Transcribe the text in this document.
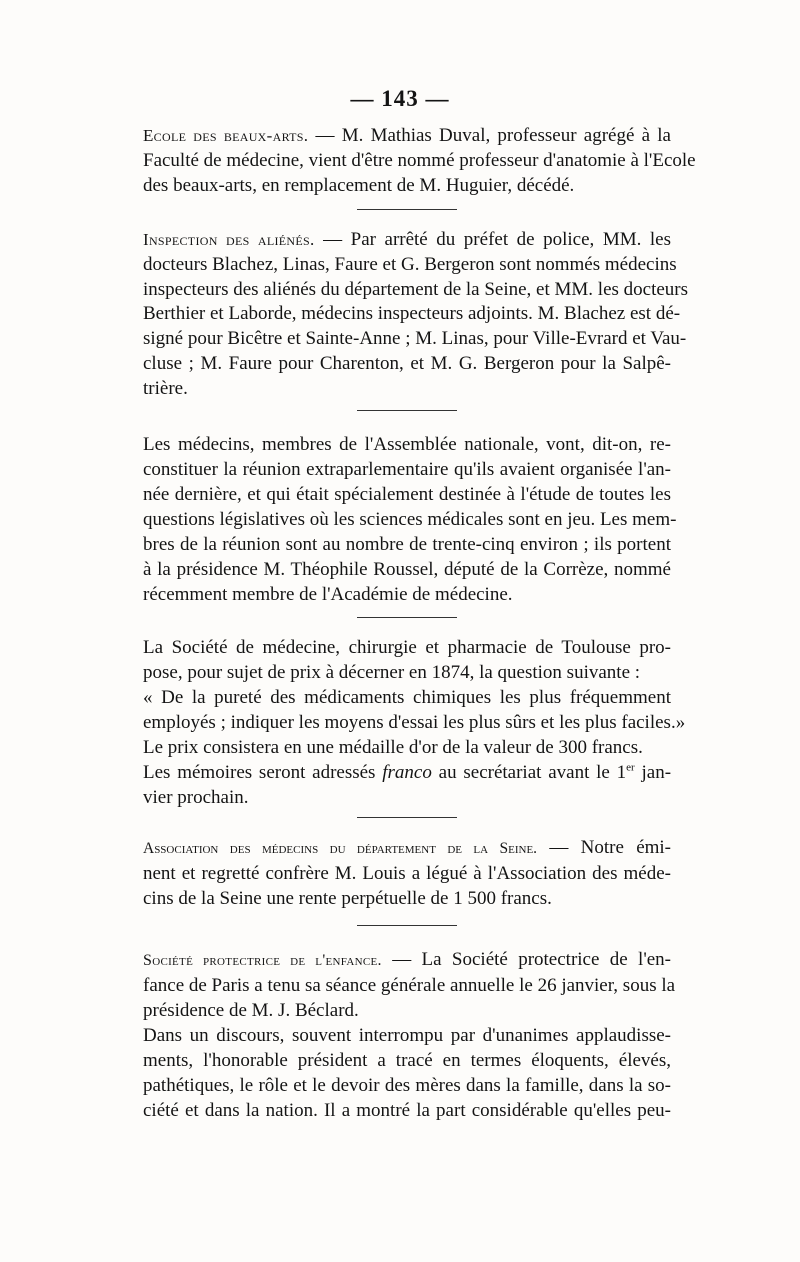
— 143 —
Ecole des beaux-arts. — M. Mathias Duval, professeur agrégé à la
Faculté de médecine, vient d'être nommé professeur d'anatomie à l'Ecole
des beaux-arts, en remplacement de M. Huguier, décédé.
Inspection des aliénés. — Par arrêté du préfet de police, MM. les
docteurs Blachez, Linas, Faure et G. Bergeron sont nommés médecins
inspecteurs des aliénés du département de la Seine, et MM. les docteurs
Berthier et Laborde, médecins inspecteurs adjoints. M. Blachez est dé-
signé pour Bicêtre et Sainte-Anne ; M. Linas, pour Ville-Evrard et Vau-
cluse ; M. Faure pour Charenton, et M. G. Bergeron pour la Salpê-
trière.
Les médecins, membres de l'Assemblée nationale, vont, dit-on, re-
constituer la réunion extraparlementaire qu'ils avaient organisée l'an-
née dernière, et qui était spécialement destinée à l'étude de toutes les
questions législatives où les sciences médicales sont en jeu. Les mem-
bres de la réunion sont au nombre de trente-cinq environ ; ils portent
à la présidence M. Théophile Roussel, député de la Corrèze, nommé
récemment membre de l'Académie de médecine.
La Société de médecine, chirurgie et pharmacie de Toulouse pro-
pose, pour sujet de prix à décerner en 1874, la question suivante :
« De la pureté des médicaments chimiques les plus fréquemment
employés ; indiquer les moyens d'essai les plus sûrs et les plus faciles.»
Le prix consistera en une médaille d'or de la valeur de 300 francs.
Les mémoires seront adressés franco au secrétariat avant le 1er jan-
vier prochain.
Association des médecins du département de la Seine. — Notre émi-
nent et regretté confrère M. Louis a légué à l'Association des méde-
cins de la Seine une rente perpétuelle de 1 500 francs.
Société protectrice de l'enfance. — La Société protectrice de l'en-
fance de Paris a tenu sa séance générale annuelle le 26 janvier, sous la
présidence de M. J. Béclard.
Dans un discours, souvent interrompu par d'unanimes applaudisse-
ments, l'honorable président a tracé en termes éloquents, élevés,
pathétiques, le rôle et le devoir des mères dans la famille, dans la so-
ciété et dans la nation. Il a montré la part considérable qu'elles peu-
